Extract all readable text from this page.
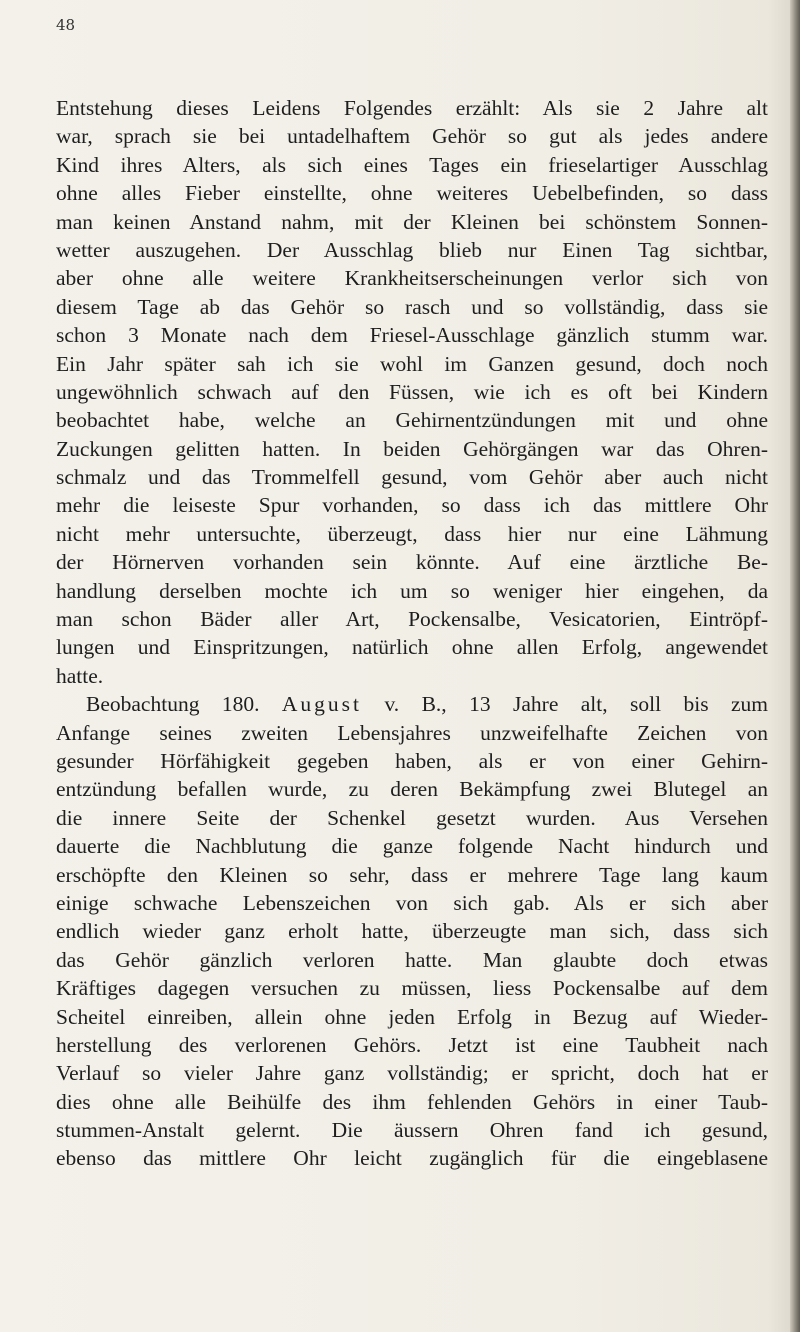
48
Entstehung dieses Leidens Folgendes erzählt: Als sie 2 Jahre alt
war, sprach sie bei untadelhaftem Gehör so gut als jedes andere
Kind ihres Alters, als sich eines Tages ein frieselartiger Ausschlag
ohne alles Fieber einstellte, ohne weiteres Uebelbefinden, so dass
man keinen Anstand nahm, mit der Kleinen bei schönstem Sonnen-
wetter auszugehen. Der Ausschlag blieb nur Einen Tag sichtbar,
aber ohne alle weitere Krankheitserscheinungen verlor sich von
diesem Tage ab das Gehör so rasch und so vollständig, dass sie
schon 3 Monate nach dem Friesel-Ausschlage gänzlich stumm war.
Ein Jahr später sah ich sie wohl im Ganzen gesund, doch noch
ungewöhnlich schwach auf den Füssen, wie ich es oft bei Kindern
beobachtet habe, welche an Gehirnentzündungen mit und ohne
Zuckungen gelitten hatten. In beiden Gehörgängen war das Ohren-
schmalz und das Trommelfell gesund, vom Gehör aber auch nicht
mehr die leiseste Spur vorhanden, so dass ich das mittlere Ohr
nicht mehr untersuchte, überzeugt, dass hier nur eine Lähmung
der Hörnerven vorhanden sein könnte. Auf eine ärztliche Be-
handlung derselben mochte ich um so weniger hier eingehen, da
man schon Bäder aller Art, Pockensalbe, Vesicatorien, Eintröpf-
lungen und Einspritzungen, natürlich ohne allen Erfolg, angewendet
hatte.
Beobachtung 180. August v. B., 13 Jahre alt, soll bis zum
Anfange seines zweiten Lebensjahres unzweifelhafte Zeichen von
gesunder Hörfähigkeit gegeben haben, als er von einer Gehirn-
entzündung befallen wurde, zu deren Bekämpfung zwei Blutegel an
die innere Seite der Schenkel gesetzt wurden. Aus Versehen
dauerte die Nachblutung die ganze folgende Nacht hindurch und
erschöpfte den Kleinen so sehr, dass er mehrere Tage lang kaum
einige schwache Lebenszeichen von sich gab. Als er sich aber
endlich wieder ganz erholt hatte, überzeugte man sich, dass sich
das Gehör gänzlich verloren hatte. Man glaubte doch etwas
Kräftiges dagegen versuchen zu müssen, liess Pockensalbe auf dem
Scheitel einreiben, allein ohne jeden Erfolg in Bezug auf Wieder-
herstellung des verlorenen Gehörs. Jetzt ist eine Taubheit nach
Verlauf so vieler Jahre ganz vollständig; er spricht, doch hat er
dies ohne alle Beihülfe des ihm fehlenden Gehörs in einer Taub-
stummen-Anstalt gelernt. Die äussern Ohren fand ich gesund,
ebenso das mittlere Ohr leicht zugänglich für die eingeblasene
